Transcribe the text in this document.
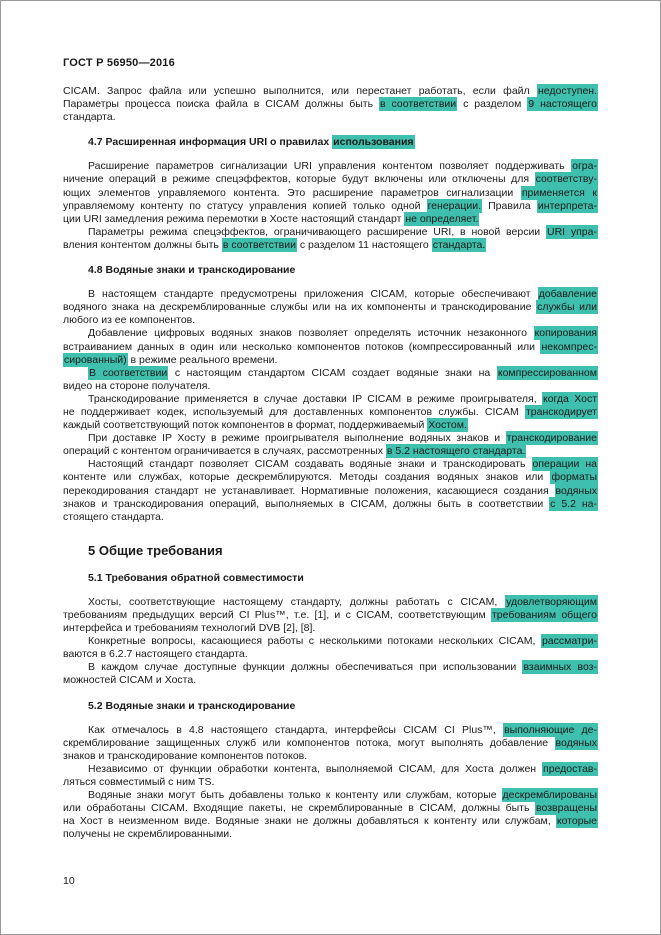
ГОСТ Р 56950—2016
CICAM. Запрос файла или успешно выполнится, или перестанет работать, если файл недоступен.
Параметры процесса поиска файла в CICAM должны быть в соответствии с разделом 9 настоящего
стандарта.
4.7 Расширенная информация URI о правилах использования
Расширение параметров сигнализации URI управления контентом позволяет поддерживать огра-
ничение операций в режиме спецэффектов, которые будут включены или отключены для соответству-
ющих элементов управляемого контента. Это расширение параметров сигнализации применяется к
управляемому контенту по статусу управления копией только одной генерации. Правила интерпрета-
ции URI замедления режима перемотки в Хосте настоящий стандарт не определяет.
Параметры режима спецэффектов, ограничивающего расширение URI, в новой версии URI упра-
вления контентом должны быть в соответствии с разделом 11 настоящего стандарта.
4.8 Водяные знаки и транскодирование
В настоящем стандарте предусмотрены приложения CICAM, которые обеспечивают добавление
водяного знака на дескремблированные службы или на их компоненты и транскодирование службы или
любого из ее компонентов.
Добавление цифровых водяных знаков позволяет определять источник незаконного копирования
встраиванием данных в один или несколько компонентов потоков (компрессированный или некомпрес-
сированный) в режиме реального времени.
В соответствии с настоящим стандартом CICAM создает водяные знаки на компрессированном
видео на стороне получателя.
Транскодирование применяется в случае доставки IP CICAM в режиме проигрывателя, когда Хост
не поддерживает кодек, используемый для доставленных компонентов службы. CICAM транскодирует
каждый соответствующий поток компонентов в формат, поддерживаемый Хостом.
При доставке IP Хосту в режиме проигрывателя выполнение водяных знаков и транскодирование
операций с контентом ограничивается в случаях, рассмотренных в 5.2 настоящего стандарта.
Настоящий стандарт позволяет CICAM создавать водяные знаки и транскодировать операции на
контенте или службах, которые дескремблируются. Методы создания водяных знаков или форматы
перекодирования стандарт не устанавливает. Нормативные положения, касающиеся создания водяных
знаков и транскодирования операций, выполняемых в CICAM, должны быть в соответствии с 5.2 на-
стоящего стандарта.
5 Общие требования
5.1 Требования обратной совместимости
Хосты, соответствующие настоящему стандарту, должны работать с CICAM, удовлетворяющим
требованиям предыдущих версий CI Plus™, т.е. [1], и с CICAM, соответствующим требованиям общего
интерфейса и требованиям технологий DVB [2], [8].
Конкретные вопросы, касающиеся работы с несколькими потоками нескольких CICAM, рассматри-
ваются в 6.2.7 настоящего стандарта.
В каждом случае доступные функции должны обеспечиваться при использовании взаимных воз-
можностей CICAM и Хоста.
5.2 Водяные знаки и транскодирование
Как отмечалось в 4.8 настоящего стандарта, интерфейсы CICAM CI Plus™, выполняющие де-
скремблирование защищенных служб или компонентов потока, могут выполнять добавление водяных
знаков и транскодирование компонентов потоков.
Независимо от функции обработки контента, выполняемой CICAM, для Хоста должен предостав-
ляться совместимый с ним TS.
Водяные знаки могут быть добавлены только к контенту или службам, которые дескремблированы
или обработаны CICAM. Входящие пакеты, не скремблированные в CICAM, должны быть возвращены
на Хост в неизменном виде. Водяные знаки не должны добавляться к контенту или службам, которые
получены не скремблированными.
10
